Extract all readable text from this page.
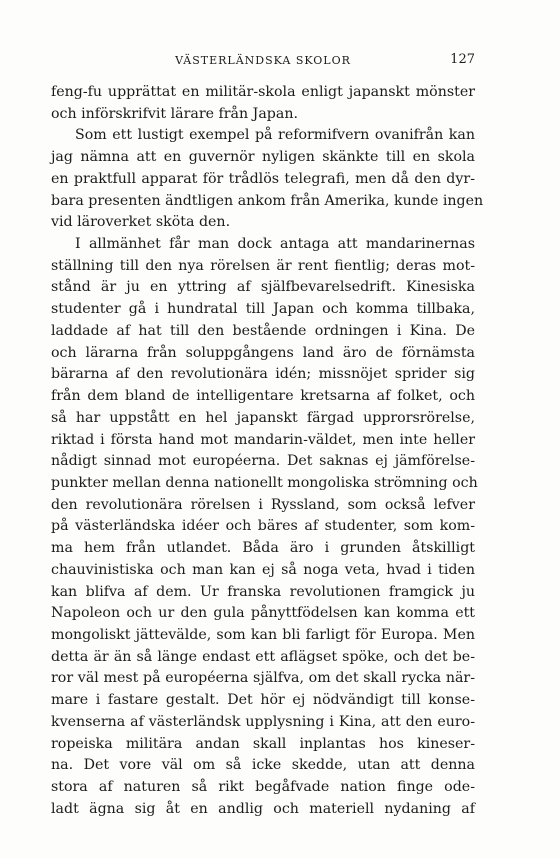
VÄSTERLÄNDSKA SKOLOR	127
feng-fu upprättat en militär-skola enligt japanskt mönster
och införskrifvit lärare från Japan.
Som ett lustigt exempel på reformifvern ovanifrån kan
jag nämna att en guvernör nyligen skänkte till en skola
en praktfull apparat för trådlös telegrafi, men då den dyr-
bara presenten ändtligen ankom från Amerika, kunde ingen
vid läroverket sköta den.
I allmänhet får man dock antaga att mandarinernas
ställning till den nya rörelsen är rent fientlig; deras mot-
stånd är ju en yttring af själfbevarelsedrift. Kinesiska
studenter gå i hundratal till Japan och komma tillbaka,
laddade af hat till den bestående ordningen i Kina. De
och lärarna från soluppgångens land äro de förnämsta
bärarna af den revolutionära idén; missnöjet sprider sig
från dem bland de intelligentare kretsarna af folket, och
så har uppstått en hel japanskt färgad upprorsrörelse,
riktad i första hand mot mandarin-väldet, men inte heller
nådigt sinnad mot européerna. Det saknas ej jämförelse-
punkter mellan denna nationellt mongoliska strömning och
den revolutionära rörelsen i Ryssland, som också lefver
på västerländska idéer och bäres af studenter, som kom-
ma hem från utlandet. Båda äro i grunden åtskilligt
chauvinistiska och man kan ej så noga veta, hvad i tiden
kan blifva af dem. Ur franska revolutionen framgick ju
Napoleon och ur den gula pånyttfödelsen kan komma ett
mongoliskt jättevälde, som kan bli farligt för Europa. Men
detta är än så länge endast ett aflägset spöke, och det be-
ror väl mest på européerna själfva, om det skall rycka när-
mare i fastare gestalt. Det hör ej nödvändigt till konse-
kvenserna af västerländsk upplysning i Kina, att den euro-
ropeiska militära andan skall inplantas hos kineser-
na. Det vore väl om så icke skedde, utan att denna
stora af naturen så rikt begåfvade nation finge ode-
ladt ägna sig åt en andlig och materiell nydaning af
